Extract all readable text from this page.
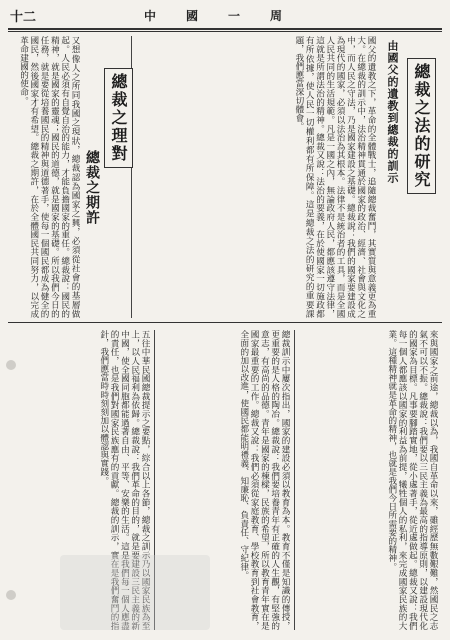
十二	中國一周
總裁之法的研究
由國父的遺教到總裁的訓示
國父的遺教之下，革命的全體戰士，追隨總裁奮鬥，其實質與意義更為重大。在總裁的訓示中，法治精神貫通於國家的政治、經濟、社會與文化之中，而人民之守法，乃是國家建設之基礎。總裁說：我們的國家要建設成為現代的國家，必須以法治為其根本。法律不是統治者的工具，而是全國人民共同的生活規範。凡是一國之內，無論政府人民，都應該遵守法律，這就是所謂法治的精神。總裁又說：法治的要義，在於使國家一切施政都有所依據，使人民一切權利都有所保障。這是總裁之法的研究的重要課題，我們應當深切體會。
總裁之理對
總裁之期許
又想像人之所同我國之現狀，總裁認為國家之興，必須從社會的基層做起。人民必須有自覺自治的能力，才能負擔國家的重任。總裁說：國民的精神，就是國家的靈魂；國民的道德，就是國家的基礎。所以我們今日的任務，就是要從培養國民的精神與道德著手，使每一個國民都成為健全的國民，然後國家才有希望。總裁之期許，在於全體國民共同努力，以完成革命建國的使命。
來與國家之前途，總裁以為，我國自革命以來，雖經歷無數艱難，然國民之志氣不可以不振。總裁說：我們要以三民主義為最高的指導原則，以建設現代化的國家為目標。凡事要腳踏實地，從小處著手，從近處做起。總裁又說：我們每一個人都應該以國家的利益為前提，犧牲個人的私利，來完成國家民族的大業。這種精神就是革命的精神，也就是我們今日所需要的精神。
總裁訓示中屢次指出，國家的建設必須以教育為本。教育不僅是知識的傳授，更重要的是人格的陶冶。總裁說：我們要培養青年有正確的人生觀，有堅強的意志，有高尚的品德。青年是國家的棟樑，民族的希望，所以教育青年實在是國家最重要的工作。總裁又說：我們必須從家庭教育、學校教育到社會教育，全面的加以改進，使國民都能明禮義、知廉恥、負責任、守紀律。
五往中華民國總裁提示之要點，綜合以上各節，總裁之訓示乃以國家民族為至上，以人民福利為依歸。總裁說：我們革命的目的，就是要建設三民主義的新中國，使全國同胞都能過著自由、平等、安樂的生活。這是我們每一個人應盡的責任，也是我們對國家民族應有的貢獻。總裁的訓示，實在是我們奮鬥的指針，我們應當時時刻刻加以體認與實踐。
